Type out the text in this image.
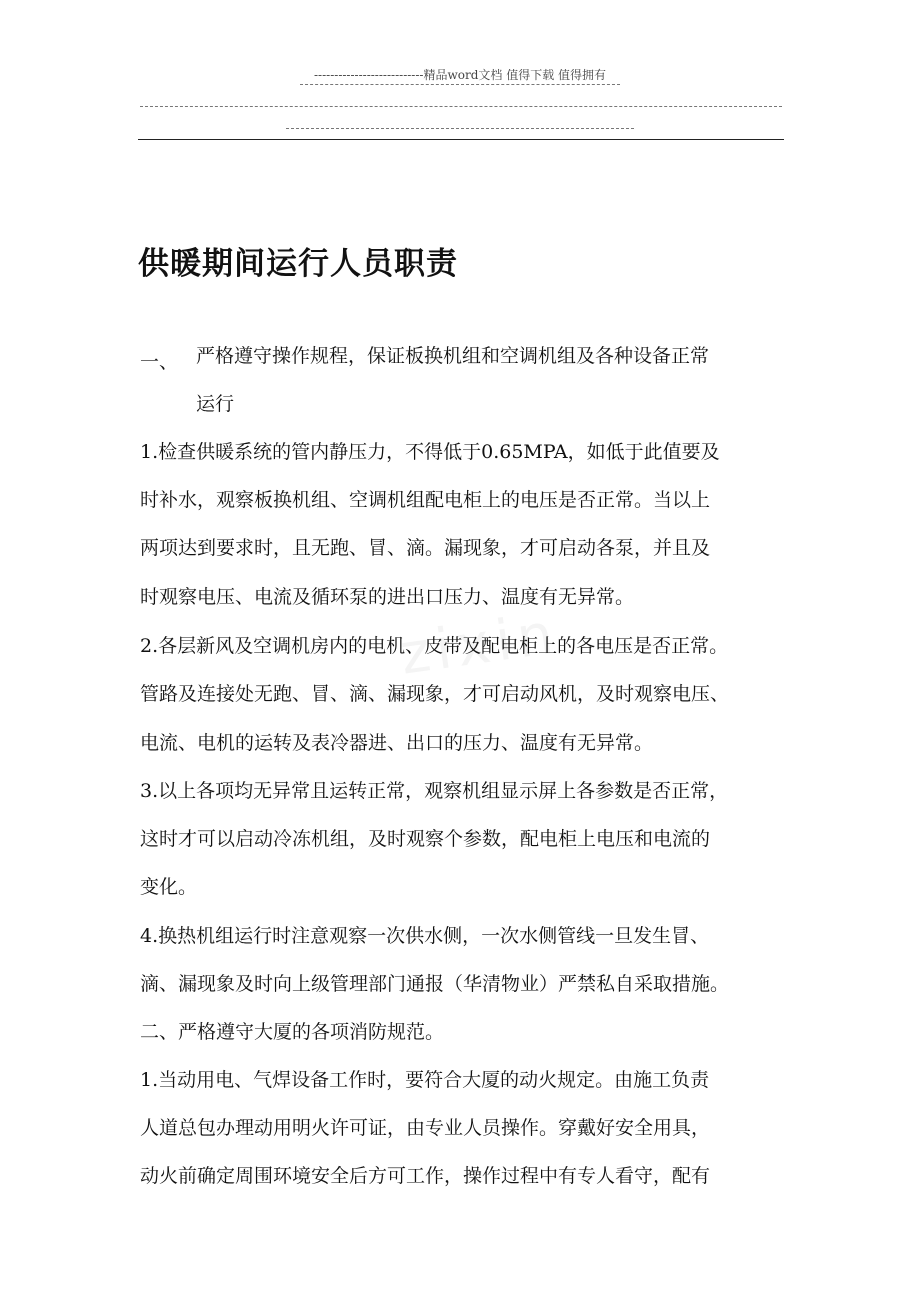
---------------------------精品word文档 值得下载 值得拥有
供暖期间运行人员职责
一、 严格遵守操作规程，保证板换机组和空调机组及各种设备正常
运行
1.检查供暖系统的管内静压力，不得低于0.65MPA，如低于此值要及
时补水，观察板换机组、空调机组配电柜上的电压是否正常。当以上
两项达到要求时，且无跑、冒、滴。漏现象，才可启动各泵，并且及
时观察电压、电流及循环泵的进出口压力、温度有无异常。
2.各层新风及空调机房内的电机、皮带及配电柜上的各电压是否正常。
管路及连接处无跑、冒、滴、漏现象，才可启动风机，及时观察电压、
电流、电机的运转及表冷器进、出口的压力、温度有无异常。
3.以上各项均无异常且运转正常，观察机组显示屏上各参数是否正常，
这时才可以启动冷冻机组，及时观察个参数，配电柜上电压和电流的
变化。
4.换热机组运行时注意观察一次供水侧，一次水侧管线一旦发生冒、
滴、漏现象及时向上级管理部门通报（华清物业）严禁私自采取措施。
二、严格遵守大厦的各项消防规范。
1.当动用电、气焊设备工作时，要符合大厦的动火规定。由施工负责
人道总包办理动用明火许可证，由专业人员操作。穿戴好安全用具，
动火前确定周围环境安全后方可工作，操作过程中有专人看守，配有
